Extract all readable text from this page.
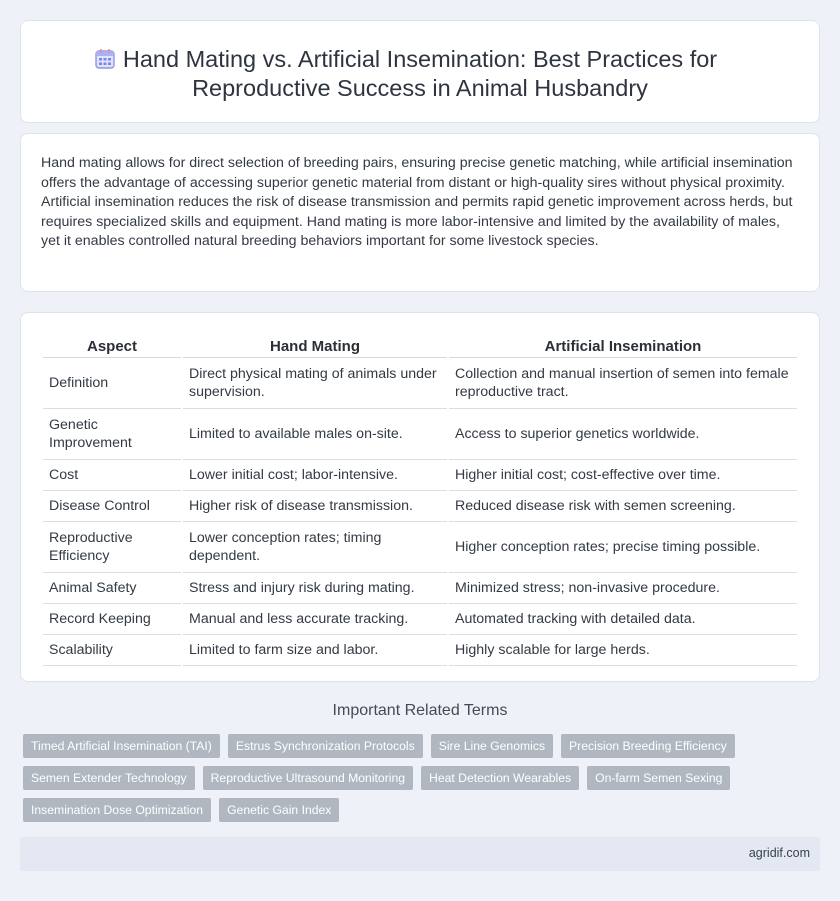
Hand Mating vs. Artificial Insemination: Best Practices for
Reproductive Success in Animal Husbandry

Hand mating allows for direct selection of breeding pairs, ensuring precise genetic matching, while artificial insemination offers the advantage of accessing superior genetic material from distant or high-quality sires without physical proximity. Artificial insemination reduces the risk of disease transmission and permits rapid genetic improvement across herds, but requires specialized skills and equipment. Hand mating is more labor-intensive and limited by the availability of males, yet it enables controlled natural breeding behaviors important for some livestock species.

Aspect	Hand Mating	Artificial Insemination
Definition	Direct physical mating of animals under supervision.	Collection and manual insertion of semen into female reproductive tract.
Genetic Improvement	Limited to available males on-site.	Access to superior genetics worldwide.
Cost	Lower initial cost; labor-intensive.	Higher initial cost; cost-effective over time.
Disease Control	Higher risk of disease transmission.	Reduced disease risk with semen screening.
Reproductive Efficiency	Lower conception rates; timing dependent.	Higher conception rates; precise timing possible.
Animal Safety	Stress and injury risk during mating.	Minimized stress; non-invasive procedure.
Record Keeping	Manual and less accurate tracking.	Automated tracking with detailed data.
Scalability	Limited to farm size and labor.	Highly scalable for large herds.
Important Related Terms
Timed Artificial Insemination (TAI)	Estrus Synchronization Protocols	Sire Line Genomics	Precision Breeding Efficiency
Semen Extender Technology	Reproductive Ultrasound Monitoring	Heat Detection Wearables	On-farm Semen Sexing
Insemination Dose Optimization	Genetic Gain Index
agridif.com
